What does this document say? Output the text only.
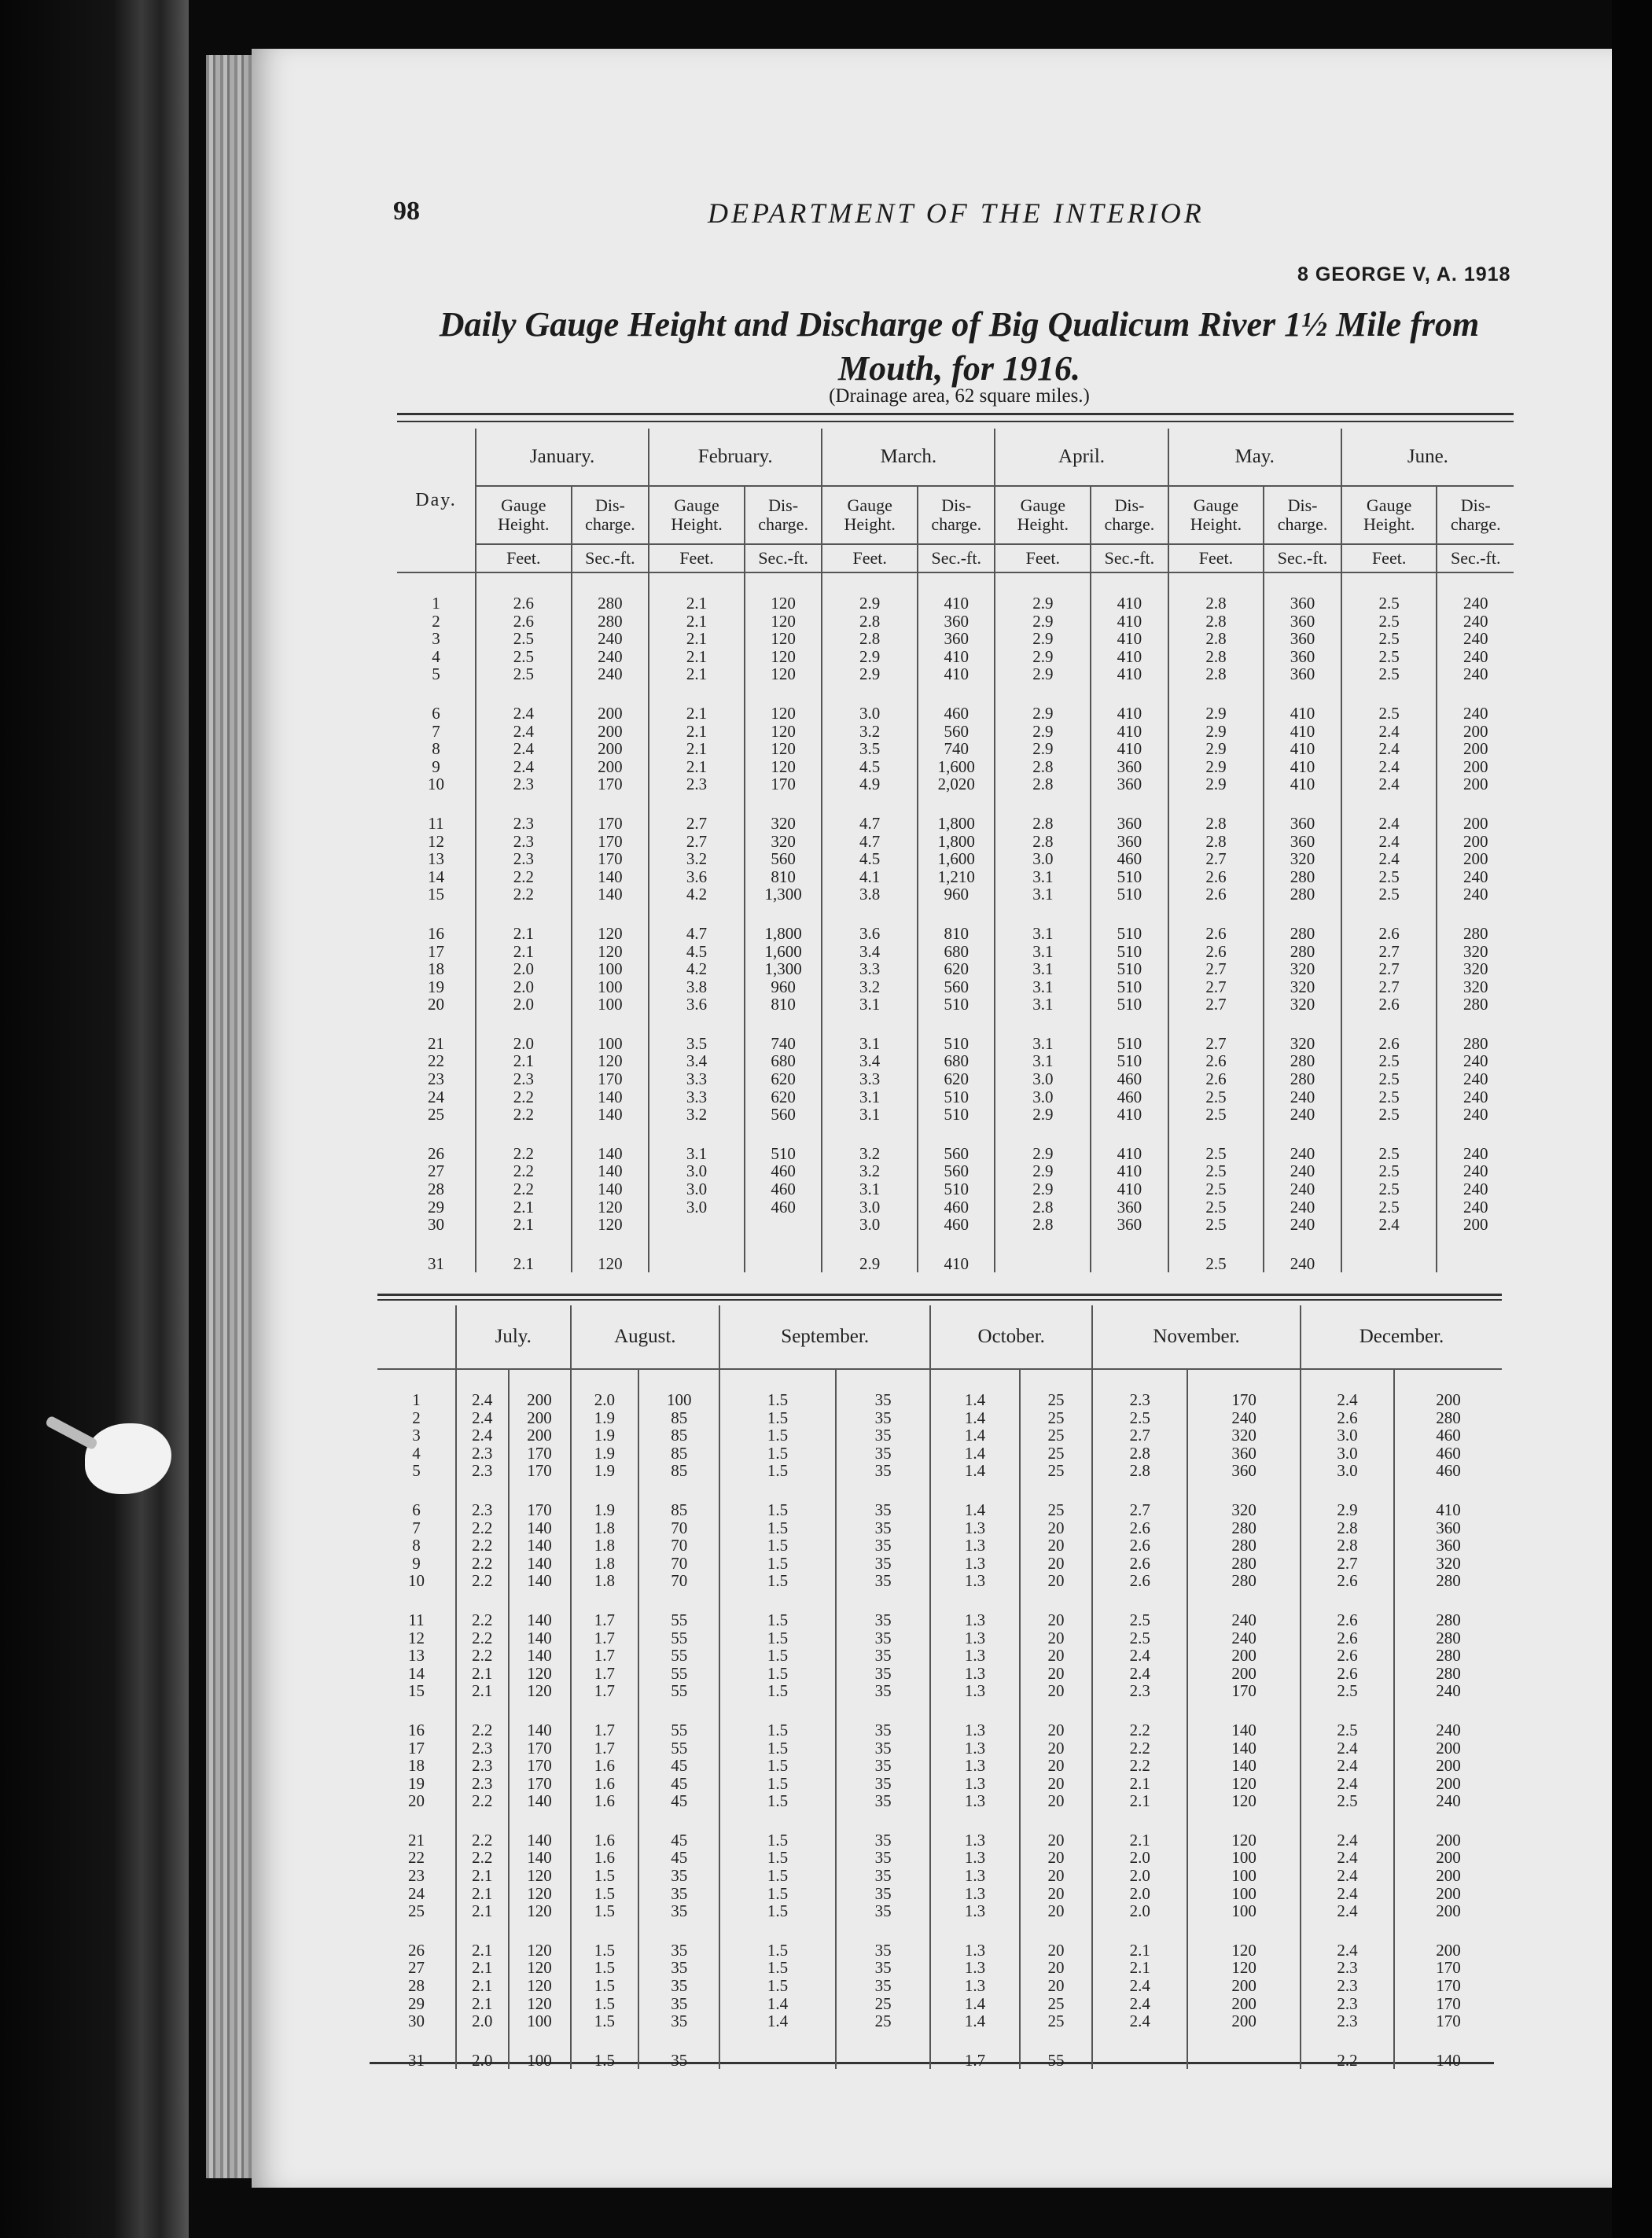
98	DEPARTMENT OF THE INTERIOR
8 GEORGE V, A. 1918
Daily Gauge Height and Discharge of Big Qualicum River 1½ Mile from Mouth, for 1916.
(Drainage area, 62 square miles.)
Day.	January.		February.		March.		April.		May.		June.	
	Gauge Height.	Dis-charge.	Gauge Height.	Dis-charge.	Gauge Height.	Dis-charge.	Gauge Height.	Dis-charge.	Gauge Height.	Dis-charge.	Gauge Height.	Dis-charge.
	Feet.	Sec.-ft.	Feet.	Sec.-ft.	Feet.	Sec.-ft.	Feet.	Sec.-ft.	Feet.	Sec.-ft.	Feet.	Sec.-ft.

1	2.6	280	2.1	120	2.9	410	2.9	410	2.8	360	2.5	240
2	2.6	280	2.1	120	2.8	360	2.9	410	2.8	360	2.5	240
3	2.5	240	2.1	120	2.8	360	2.9	410	2.8	360	2.5	240
4	2.5	240	2.1	120	2.9	410	2.9	410	2.8	360	2.5	240
5	2.5	240	2.1	120	2.9	410	2.9	410	2.8	360	2.5	240

6	2.4	200	2.1	120	3.0	460	2.9	410	2.9	410	2.5	240
7	2.4	200	2.1	120	3.2	560	2.9	410	2.9	410	2.4	200
8	2.4	200	2.1	120	3.5	740	2.9	410	2.9	410	2.4	200
9	2.4	200	2.1	120	4.5	1,600	2.8	360	2.9	410	2.4	200
10	2.3	170	2.3	170	4.9	2,020	2.8	360	2.9	410	2.4	200

11	2.3	170	2.7	320	4.7	1,800	2.8	360	2.8	360	2.4	200
12	2.3	170	2.7	320	4.7	1,800	2.8	360	2.8	360	2.4	200
13	2.3	170	3.2	560	4.5	1,600	3.0	460	2.7	320	2.4	200
14	2.2	140	3.6	810	4.1	1,210	3.1	510	2.6	280	2.5	240
15	2.2	140	4.2	1,300	3.8	960	3.1	510	2.6	280	2.5	240

16	2.1	120	4.7	1,800	3.6	810	3.1	510	2.6	280	2.6	280
17	2.1	120	4.5	1,600	3.4	680	3.1	510	2.6	280	2.7	320
18	2.0	100	4.2	1,300	3.3	620	3.1	510	2.7	320	2.7	320
19	2.0	100	3.8	960	3.2	560	3.1	510	2.7	320	2.7	320
20	2.0	100	3.6	810	3.1	510	3.1	510	2.7	320	2.6	280

21	2.0	100	3.5	740	3.1	510	3.1	510	2.7	320	2.6	280
22	2.1	120	3.4	680	3.4	680	3.1	510	2.6	280	2.5	240
23	2.3	170	3.3	620	3.3	620	3.0	460	2.6	280	2.5	240
24	2.2	140	3.3	620	3.1	510	3.0	460	2.5	240	2.5	240
25	2.2	140	3.2	560	3.1	510	2.9	410	2.5	240	2.5	240

26	2.2	140	3.1	510	3.2	560	2.9	410	2.5	240	2.5	240
27	2.2	140	3.0	460	3.2	560	2.9	410	2.5	240	2.5	240
28	2.2	140	3.0	460	3.1	510	2.9	410	2.5	240	2.5	240
29	2.1	120	3.0	460	3.0	460	2.8	360	2.5	240	2.5	240
30	2.1	120			3.0	460	2.8	360	2.5	240	2.4	200

31	2.1	120			2.9	410			2.5	240		
	July.		August.		September.		October.		November.		December.	

1	2.4	200	2.0	100	1.5	35	1.4	25	2.3	170	2.4	200
2	2.4	200	1.9	85	1.5	35	1.4	25	2.5	240	2.6	280
3	2.4	200	1.9	85	1.5	35	1.4	25	2.7	320	3.0	460
4	2.3	170	1.9	85	1.5	35	1.4	25	2.8	360	3.0	460
5	2.3	170	1.9	85	1.5	35	1.4	25	2.8	360	3.0	460

6	2.3	170	1.9	85	1.5	35	1.4	25	2.7	320	2.9	410
7	2.2	140	1.8	70	1.5	35	1.3	20	2.6	280	2.8	360
8	2.2	140	1.8	70	1.5	35	1.3	20	2.6	280	2.8	360
9	2.2	140	1.8	70	1.5	35	1.3	20	2.6	280	2.7	320
10	2.2	140	1.8	70	1.5	35	1.3	20	2.6	280	2.6	280

11	2.2	140	1.7	55	1.5	35	1.3	20	2.5	240	2.6	280
12	2.2	140	1.7	55	1.5	35	1.3	20	2.5	240	2.6	280
13	2.2	140	1.7	55	1.5	35	1.3	20	2.4	200	2.6	280
14	2.1	120	1.7	55	1.5	35	1.3	20	2.4	200	2.6	280
15	2.1	120	1.7	55	1.5	35	1.3	20	2.3	170	2.5	240

16	2.2	140	1.7	55	1.5	35	1.3	20	2.2	140	2.5	240
17	2.3	170	1.7	55	1.5	35	1.3	20	2.2	140	2.4	200
18	2.3	170	1.6	45	1.5	35	1.3	20	2.2	140	2.4	200
19	2.3	170	1.6	45	1.5	35	1.3	20	2.1	120	2.4	200
20	2.2	140	1.6	45	1.5	35	1.3	20	2.1	120	2.5	240

21	2.2	140	1.6	45	1.5	35	1.3	20	2.1	120	2.4	200
22	2.2	140	1.6	45	1.5	35	1.3	20	2.0	100	2.4	200
23	2.1	120	1.5	35	1.5	35	1.3	20	2.0	100	2.4	200
24	2.1	120	1.5	35	1.5	35	1.3	20	2.0	100	2.4	200
25	2.1	120	1.5	35	1.5	35	1.3	20	2.0	100	2.4	200

26	2.1	120	1.5	35	1.5	35	1.3	20	2.1	120	2.4	200
27	2.1	120	1.5	35	1.5	35	1.3	20	2.1	120	2.3	170
28	2.1	120	1.5	35	1.5	35	1.3	20	2.4	200	2.3	170
29	2.1	120	1.5	35	1.4	25	1.4	25	2.4	200	2.3	170
30	2.0	100	1.5	35	1.4	25	1.4	25	2.4	200	2.3	170

31	2.0	100	1.5	35			1.7	55			2.2	140
